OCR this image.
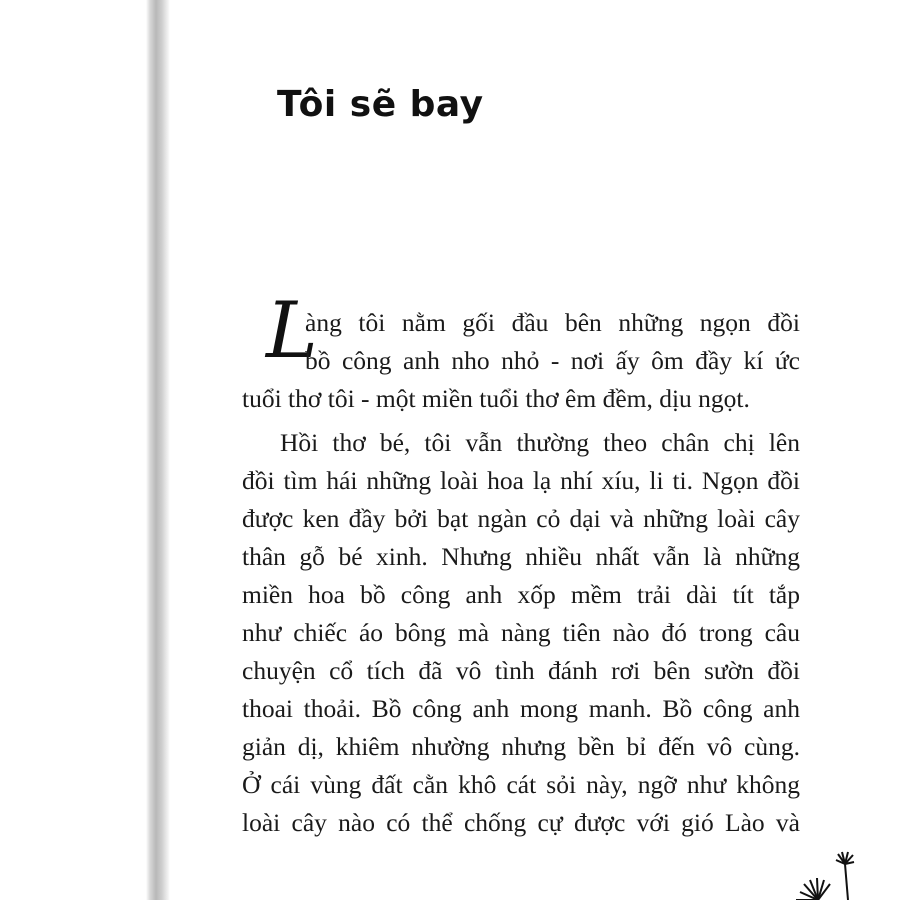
Tôi sẽ bay
L
àng tôi nằm gối đầu bên những ngọn đồi
bồ công anh nho nhỏ - nơi ấy ôm đầy kí ức
tuổi thơ tôi - một miền tuổi thơ êm đềm, dịu ngọt.
Hồi thơ bé, tôi vẫn thường theo chân chị lên
đồi tìm hái những loài hoa lạ nhí xíu, li ti. Ngọn đồi
được ken đầy bởi bạt ngàn cỏ dại và những loài cây
thân gỗ bé xinh. Nhưng nhiều nhất vẫn là những
miền hoa bồ công anh xốp mềm trải dài tít tắp
như chiếc áo bông mà nàng tiên nào đó trong câu
chuyện cổ tích đã vô tình đánh rơi bên sườn đồi
thoai thoải. Bồ công anh mong manh. Bồ công anh
giản dị, khiêm nhường nhưng bền bỉ đến vô cùng.
Ở cái vùng đất cằn khô cát sỏi này, ngỡ như không
loài cây nào có thể chống cự được với gió Lào và
